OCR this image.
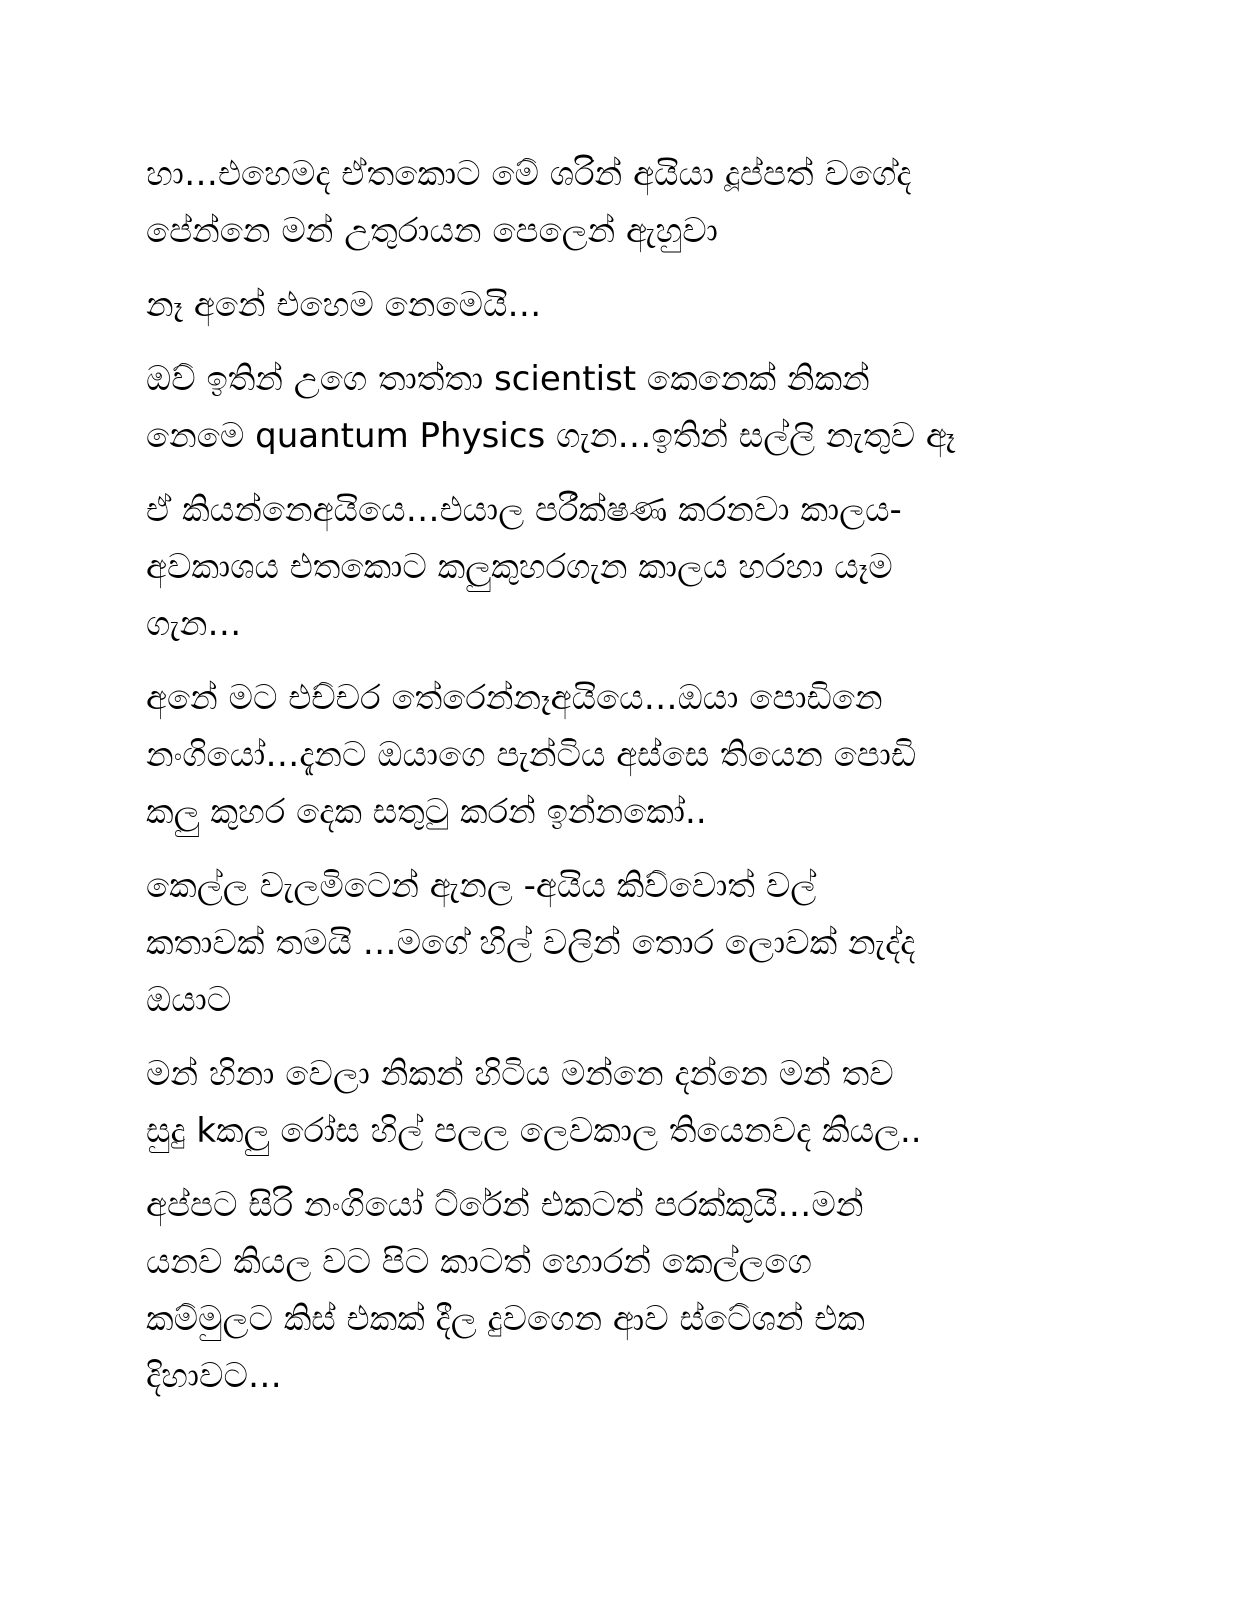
හා…එහෙමද ඒතකොට මේ ශරින් අයියා දූප්පත් වගේද
පේන්නෙ මන් උතුරායන පෙලෙන් ඇහුවා

නෑ අනේ එහෙම නෙමෙයි…

ඔව් ඉතින් උගෙ තාත්තා scientist කෙනෙක් නිකන්
නෙමෙ quantum Physics ගැන…ඉතින් සල්ලි නැතුව ඈ

ඒ කියන්නෙඅයියෙ…එයාල පරීක්ෂණ කරනවා කාලය-
අවකාශය එතකොට කලුකුහරගැන කාලය හරහා යෑම
ගැන…

අනේ මට එච්චර තේරෙන්නෑඅයියෙ…ඔයා පොඩිනෙ
නංගියෝ…දැනට ඔයාගෙ පැන්ටිය අස්සෙ තියෙන පොඩි
කලු කුහර දෙක සතුටු කරන් ඉන්නකෝ..

කෙල්ල වැලමිටෙන් ඇනල -අයිය කිව්වොත් වල්
කතාවක් තමයි …මගේ හිල් වලින් තොර ලොවක් නැද්ද
ඔයාට

මන් හිනා වෙලා නිකන් හිටිය මන්නෙ දන්නෙ මන් තව
සුදු kකලු රෝස හිල් පලල ලෙවකාල තියෙනවද කියල..

අප්පට සිරි නංගියෝ ට්රේන් එකටත් පරක්කුයි…මන්
යනව කියල වට පිට කාටත් හොරන් කෙල්ලගෙ
කම්මුලට කිස් එකක් දීල දුවගෙන ආව ස්ටේශන් එක
දිහාවට…
